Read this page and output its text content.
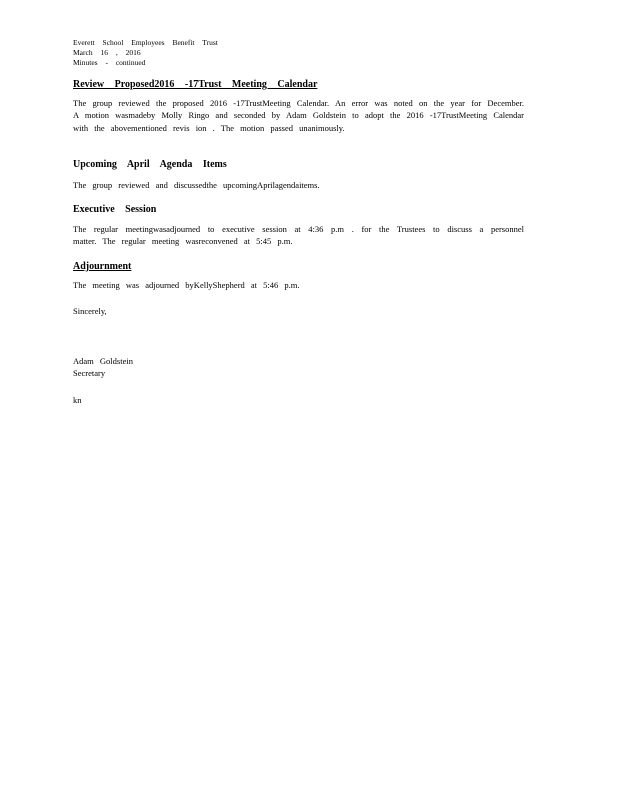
Everett School Employees Benefit Trust
March 16 , 2016
Minutes - continued
Review Proposed2016 -17Trust Meeting Calendar
The group reviewed the proposed 2016 -17TrustMeeting Calendar. An error was noted on the year for December. A motion wasmadeby Molly Ringo and seconded by Adam Goldstein to adopt the 2016 -17TrustMeeting Calendar with the abovementioned revis ion . The motion passed unanimously.
Upcoming April Agenda Items
The group reviewed and discussedthe upcomingAprilagendaitems.
Executive Session
The regular meetingwasadjourned to executive session at 4:36 p.m . for the Trustees to discuss a personnel matter. The regular meeting wasreconvened at 5:45 p.m.
Adjournment
The meeting was adjourned byKellyShepherd at 5:46 p.m.
Sincerely,
Adam Goldstein
Secretary
kn
